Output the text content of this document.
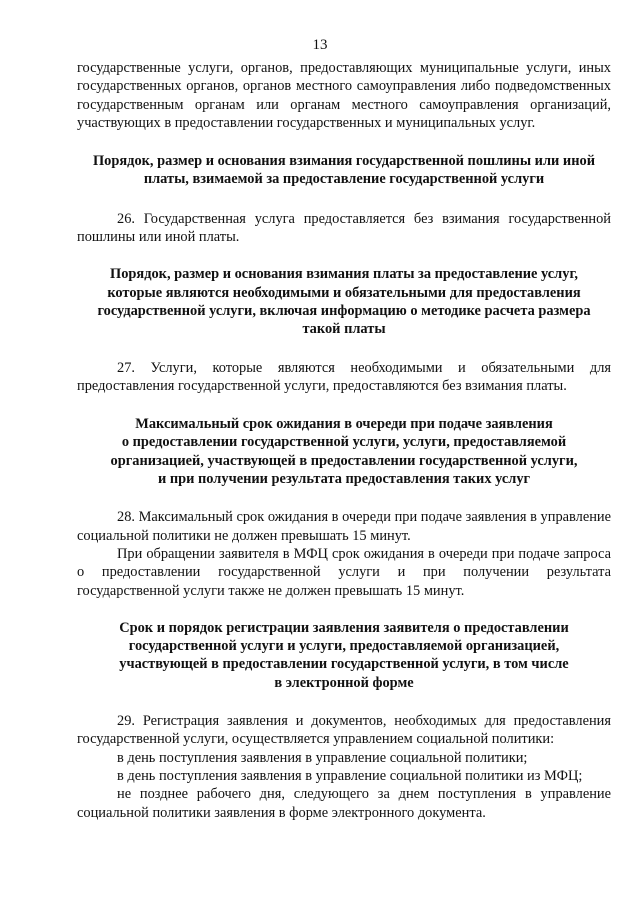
13

государственные услуги, органов, предоставляющих муниципальные услуги, иных государственных органов, органов местного самоуправления либо подведомственных государственным органам или органам местного самоуправления организаций, участвующих в предоставлении государственных и муниципальных услуг.

Порядок, размер и основания взимания государственной пошлины или иной
платы, взимаемой за предоставление государственной услуги

26. Государственная услуга предоставляется без взимания государственной пошлины или иной платы.

Порядок, размер и основания взимания платы за предоставление услуг,
которые являются необходимыми и обязательными для предоставления
государственной услуги, включая информацию о методике расчета размера
такой платы

27. Услуги, которые являются необходимыми и обязательными для предоставления государственной услуги, предоставляются без взимания платы.

Максимальный срок ожидания в очереди при подаче заявления
о предоставлении государственной услуги, услуги, предоставляемой
организацией, участвующей в предоставлении государственной услуги,
и при получении результата предоставления таких услуг

28. Максимальный срок ожидания в очереди при подаче заявления в управление социальной политики не должен превышать 15 минут.

При обращении заявителя в МФЦ срок ожидания в очереди при подаче запроса о предоставлении государственной услуги и при получении результата государственной услуги также не должен превышать 15 минут.

Срок и порядок регистрации заявления заявителя о предоставлении
государственной услуги и услуги, предоставляемой организацией,
участвующей в предоставлении государственной услуги, в том числе
в электронной форме

29. Регистрация заявления и документов, необходимых для предоставления государственной услуги, осуществляется управлением социальной политики:

в день поступления заявления в управление социальной политики;

в день поступления заявления в управление социальной политики из МФЦ;

не позднее рабочего дня, следующего за днем поступления в управление социальной политики заявления в форме электронного документа.
